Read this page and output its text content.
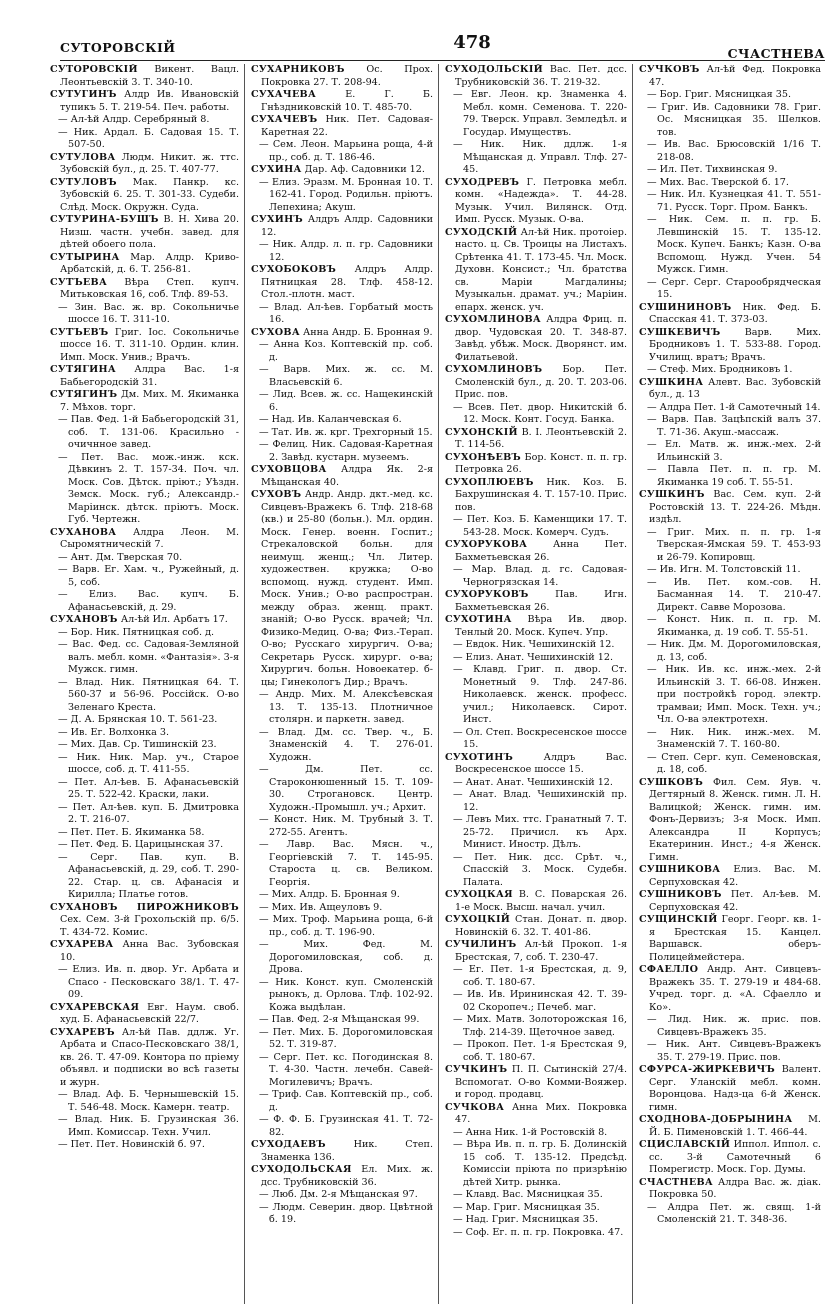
СУТОРОВСКІЙ	478
СЧАСТНЕВА

СУТОРОВСКІЙ Викент. Вацл. Леонтьевскій 3. Т. 340-10.

СУТУГИНЪ Алдр Ив. Ивановскій тупикъ 5. Т. 219-54. Печ. работы.

— Ал-ѣй Алдр. Серебряный 8.

— Ник. Ардал. Б. Садовая 15. Т. 507-50.

СУТУЛОВА Людм. Никит. ж. ттс. Зубовскій бул., д. 25. Т. 407-77.

СУТУЛОВЪ Мак. Панкр. кс. Зубовскій 6. 25. Т. 301-33. Судеби. Слѣд. Моск. Окружн. Суда.

СУТУРИНА-БУШЪ В. Н. Хива 20. Низш. частн. учебн. завед. для дѣтей обоего пола.

СУТЫРИНА Мар. Алдр. Криво-Арбатскій, д. 6. Т. 256-81.

СУТЪЕВА Вѣра Степ. купч. Митьковская 16, соб. Тлф. 89-53.

— Зин. Вас. ж. вр. Сокольничье шоссе 16. Т. 311-10.

СУТЪЕВЪ Григ. Іос. Сокольничье шоссе 16. Т. 311-10. Ордин. клин. Имп. Моск. Унив.; Врачъ.

СУТЯГИНА Алдра Вас. 1-я Бабьегородскій 31.

СУТЯГИНЪ Дм. Мих. М. Якиманка 7. Мѣхов. торг.

— Пав. Фед. 1-й Бабьегородскій 31, соб. Т. 131-06. Красильно - очичнное завед.

— Пет. Вас. мож.-инж. кск. Дѣвкинъ 2. Т. 157-34. Поч. чл. Моск. Сов. Дѣтск. пріют.; Уѣздн. Земск. Моск. губ.; Александр.-Маріинск. дѣтск. пріютъ. Моск. Губ. Чертежн.

СУХАНОВА Алдра Леон. М. Сыромятническій 7.

— Ант. Дм. Тверская 70.

— Варв. Ег. Хам. ч., Ружейный, д. 5, соб.

— Елиз. Вас. купч. Б. Афанасьевскій, д. 29.

СУХАНОВЪ Ал-ѣй Ил. Арбатъ 17.

— Бор. Ник. Пятницкая соб. д.

— Вас. Фед. сс. Садовая-Земляной валъ. мебл. комн. «Фантазія». 3-я Мужск. гимн.

— Влад. Ник. Пятницкая 64. Т. 560-37 и 56-96. Россійск. О-во Зеленаго Креста.

— Д. А. Брянская 10. Т. 561-23.

— Ив. Ег. Волхонка 3.

— Мих. Дав. Ср. Тишинскій 23.

— Ник. Ник. Мар. уч., Старое шоссе, соб. д. Т. 411-55.

— Пет. Ал-ѣев. Б. Афанасьевскій 25. Т. 522-42. Краски, лаки.

— Пет. Ал-ѣев. куп. Б. Дмитровка 2. Т. 216-07.

— Пет. Пет. Б. Якиманка 58.

— Пет. Фед. Б. Царицынская 37.

— Серг. Пав. куп. В. Афанасьевскій, д. 29, соб. Т. 290-22. Стар. ц. св. Афанасія и Кирилла; Платье готов.

СУХАНОВЪ ПИРОЖНИКОВЪ Сех. Сем. 3-й Грохольскій пр. 6/5. Т. 434-72. Комис.

СУХАРЕВА Анна Вас. Зубовская 10.

— Елиз. Ив. п. двор. Уг. Арбата и Спасо - Песковскаго 38/1. Т. 47-09.

СУХАРЕВСКАЯ Евг. Наум. своб. худ. Б. Афанасьевскій 22/7.

СУХАРЕВЪ Ал-ѣй Пав. ддлж. Уг. Арбата и Спасо-Песковскаго 38/1, кв. 26. Т. 47-09. Контора по пріему объявл. и подписки во всѣ газеты и журн.

— Влад. Аф. Б. Чернышевскій 15. Т. 546-48. Моск. Камерн. театр.

— Влад. Ник. Б. Грузинская 36. Имп. Комиссар. Техн. Учил.

— Пет. Пет. Новинскій б. 97.

СУХАРНИКОВЪ Ос. Прох. Покровка 27. Т. 208-94.

СУХАЧЕВА Е. Г. Б. Гнѣздниковскій 10. Т. 485-70.

СУХАЧЕВЪ Ник. Пет. Садовая-Каретная 22.

— Сем. Леон. Марьина роща, 4-й пр., соб. д. Т. 186-46.

СУХИНА Дар. Аф. Садовники 12.

— Елиз. Эразм. М. Бронная 10. Т. 162-41. Город. Родильн. пріютъ. Лепехина; Акуш.

СУХИНЪ Алдръ Алдр. Садовники 12.

— Ник. Алдр. л. п. гр. Садовники 12.

СУХОБОКОВЪ Алдръ Алдр. Пятницкая 28. Тлф. 458-12. Стол.-плотн. маст.

— Влад. Ал-ѣев. Горбатый мость 16.

СУХОВА Анна Андр. Б. Бронная 9.

— Анна Коз. Коптевскій пр. соб. д.

— Варв. Мих. ж. сс. М. Власьевскій 6.

— Лид. Всев. ж. сс. Нащекинскій 6.

— Над. Ив. Каланчевская 6.

— Тат. Ив. ж. крг. Трехгорный 15.

— Фелиц. Ник. Садовая-Каретная 2. Завѣд. кустарн. музеемъ.

СУХОВЦОВА Алдра Як. 2-я Мѣщанская 40.

СУХОВЪ Андр. Андр. дкт.-мед. кс. Сивцевъ-Вражекъ 6. Тлф. 218-68 (кв.) и 25-80 (больн.). Мл. ордин. Моск. Генер. военн. Госпит.; Стрекаловской больн. для неимущ. женщ.; Чл. Литер. художествен. кружка; О-во вспомощ. нужд. студент. Имп. Моск. Унив.; О-во распростран. между образ. женщ. практ. знаній; О-во Русск. врачей; Чл. Физико-Медиц. О-ва; Физ.-Терап. О-во; Русскаго хирургич. О-ва; Секретарь Русск. хирург. о-ва; Хирургич. больн. Новоекатер. б-цы; Гинекологъ Дир.; Врачъ.

— Андр. Мих. М. Алексѣевская 13. Т. 135-13. Плотничное столярн. и паркетн. завед.

— Влад. Дм. сс. Твер. ч., Б. Знаменскій 4. Т. 276-01. Художн.

— Дм. Пет. сс. Староконюшенный 15. Т. 109-30. Строгановск. Центр. Художн.-Промышл. уч.; Архит.

— Конст. Ник. М. Трубный 3. Т. 272-55. Агентъ.

— Лавр. Вас. Мясн. ч., Георгіевскій 7. Т. 145-95. Староста ц. св. Великом. Георгія.

— Мих. Алдр. Б. Бронная 9.

— Мих. Ив. Ащеуловъ 9.

— Мих. Троф. Марьина роща, 6-й пр., соб. д. Т. 196-90.

— Мих. Фед. М. Дорогомиловская, соб. д. Дрова.

— Ник. Конст. куп. Смоленскій рынокъ, д. Орлова. Тлф. 102-92. Кожа выдѣлан.

— Пав. Фед. 2-я Мѣщанская 99.

— Пет. Мих. Б. Дорогомиловская 52. Т. 319-87.

— Серг. Пет. кс. Погодинская 8. Т. 4-30. Частн. лечебн. Савей-Могилевичъ; Врачъ.

— Триф. Сав. Коптевскій пр., соб. д.

— Ф. Ф. Б. Грузинская 41. Т. 72-82.

СУХОДАЕВЪ Ник. Степ. Знаменка 136.

СУХОДОЛЬСКАЯ Ел. Мих. ж. дсс. Трубниковскій 36.

— Люб. Дм. 2-я Мѣщанская 97.

— Людм. Северин. двор. Цвѣтной б. 19.

СУХОДОЛЬСКІЙ Вас. Пет. дсс. Трубниковскій 36. Т. 219-32.

— Евг. Леон. кр. Знаменка 4. Мебл. комн. Семенова. Т. 220-79. Тверск. Управл. Земледѣл. и Государ. Имуществъ.

— Ник. Ник. ддлж. 1-я Мѣщанская д. Управл. Тлф. 27-45.

СУХОДРЕВЪ Г. Петровка мебл. комн. «Надежда». Т. 44-28. Музык. Учил. Вилянск. Отд. Имп. Русск. Музык. О-ва.

СУХОДСКІЙ Ал-ѣй Ник. протоіер. насто. ц. Св. Троицы на Листахъ. Срѣтенка 41. Т. 173-45. Чл. Моск. Духовн. Консист.; Чл. братства св. Маріи Магдалины; Музыкальн. драмат. уч.; Маріин. епарх. женск. уч.

СУХОМЛИНОВА Алдра Фриц. п. двор. Чудовская 20. Т. 348-87. Завѣд. убѣж. Моск. Дворянст. им. Филатьевой.

СУХОМЛИНОВЪ Бор. Пет. Смоленскій бул., д. 20. Т. 203-06. Прис. пов.

— Всев. Пет. двор. Никитскій б. 12. Моск. Конт. Госуд. Банка.

СУХОНСКІЙ В. І. Леонтьевскій 2. Т. 114-56.

СУХОНѢЕВЪ Бор. Конст. п. п. гр. Петровка 26.

СУХОПЛЮЕВЪ Ник. Коз. Б. Бахрушинская 4. Т. 157-10. Прис. пов.

— Пет. Коз. Б. Каменщики 17. Т. 543-28. Моск. Комерч. Судъ.

СУХОРУКОВА Анна Пет. Бахметьевская 26.

— Мар. Влад. д. гс. Садовая-Черногрязская 14.

СУХОРУКОВЪ Пав. Игн. Бахметьевская 26.

СУХОТИНА Вѣра Ив. двор. Тенлый 20. Моск. Купеч. Упр.

— Евдок. Ник. Чешихинскій 12.

— Елиз. Анат. Чешихинскій 12.

— Клавд. Григ. п. двор. Ст. Монетный 9. Тлф. 247-86. Николаевск. женск. професс. учил.; Николаевск. Сирот. Инст.

— Ол. Степ. Воскресенское шоссе 15.

СУХОТИНЪ Алдръ Вас. Воскресенское шоссе 15.

— Анат. Анат. Чешихинскій 12.

— Анат. Влад. Чешихинскій пр. 12.

— Левъ Мих. ттс. Гранатный 7. Т. 25-72. Причисл. къ Арх. Минист. Иностр. Дѣлъ.

— Пет. Ник. дсс. Срѣт. ч., Спасскій 3. Моск. Судебн. Палата.

СУХОЦКАЯ В. С. Поварская 26. 1-е Моск. Высш. начал. учил.

СУХОЦКІЙ Стан. Донат. п. двор. Новинскій 6. 32. Т. 401-86.

СУЧИЛИНЪ Ал-ѣй Прокоп. 1-я Брестская, 7, соб. Т. 230-47.

— Ег. Пет. 1-я Брестская, д. 9, соб. Т. 180-67.

— Ив. Ив. Ирининская 42. Т. 39-02 Скоропеч.; Печеб. маг.

— Мих. Матв. Золоторожская 16, Тлф. 214-39. Щеточное завед.

— Прокоп. Пет. 1-я Брестская 9, соб. Т. 180-67.

СУЧКИНЪ П. П. Сытинскій 27/4. Вспомогат. О-во Комми-Вояжер. и город. продавц.

СУЧКОВА Анна Мих. Покровка 47.

— Анна Ник. 1-й Ростовскій 8.

— Вѣра Ив. п. п. гр. Б. Долинскій 15 соб. Т. 135-12. Предсѣд. Комиссіи пріюта по призрѣнію дѣтей Хитр. рынка.

— Клавд. Вас. Мясницкая 35.

— Мар. Григ. Мясницкая 35.

— Над. Григ. Мясницкая 35.

— Соф. Ег. п. п. гр. Покровка. 47.

СУЧКОВЪ Ал-ѣй Фед. Покровка 47.

— Бор. Григ. Мясницкая 35.

— Григ. Ив. Садовники 78. Григ. Ос. Мясницкая 35. Шелков. тов.

— Ив. Вас. Брюсовскій 1/16 Т. 218-08.

— Ил. Пет. Тихвинская 9.

— Мих. Вас. Тверской б. 17.

— Ник. Ил. Кузнецкая 41. Т. 551-71. Русск. Торг. Пром. Банкъ.

— Ник. Сем. п. п. гр. Б. Левшинскій 15. Т. 135-12. Моск. Купеч. Банкъ; Казн. О-ва Вспомощ. Нужд. Учен. 54 Мужск. Гимн.

— Серг. Серг. Старообрядческая 15.

СУШИНИНОВЪ Ник. Фед. Б. Спасская 41. Т. 373-03.

СУШКЕВИЧЪ Варв. Мих. Бродниковъ 1. Т. 533-88. Город. Училищ. вратъ; Врачъ.

— Стеф. Мих. Бродниковъ 1.

СУШКИНА Алевт. Вас. Зубовскій бул., д. 13

— Алдра Пет. 1-й Самотечный 14.

— Варв. Пав. Зацѣпскій валъ 37. Т. 71-36. Акуш.-массаж.

— Ел. Матв. ж. инж.-мех. 2-й Ильинскій 3.

— Павла Пет. п. п. гр. М. Якиманка 19 соб. Т. 55-51.

СУШКИНЪ Вас. Сем. куп. 2-й Ростовскій 13. Т. 224-26. Мѣдн. издѣл.

— Григ. Мих. п. п. гр. 1-я Тверская-Ямская 59. Т. 453-93 и 26-79. Копировщ.

— Ив. Игн. М. Толстовскій 11.

— Ив. Пет. ком.-сов. Н. Басманная 14. Т. 210-47. Директ. Савве Морозова.

— Конст. Ник. п. п. гр. М. Якиманка, д. 19 соб. Т. 55-51.

— Ник. Дм. М. Дорогомиловская, д. 13, соб.

— Ник. Ив. кс. инж.-мех. 2-й Ильинскій 3. Т. 66-08. Инжен. при постройкѣ город. электр. трамваи; Имп. Моск. Техн. уч.; Чл. О-ва электротехн.

— Ник. Ник. инж.-мех. М. Знаменскій 7. Т. 160-80.

— Степ. Серг. куп. Семеновская, д. 18, соб.

СУШКОВЪ Фил. Сем. Яув. ч. Дегтярный 8. Женск. гимн. Л. Н. Валицкой; Женск. гимн. им. Фонъ-Дервизъ; 3-я Моск. Имп. Александра II Корпусъ; Екатеринин. Инст.; 4-я Женск. Гимн.

СУШНИКОВА Елиз. Вас. М. Серпуховская 42.

СУШНИКОВЪ Пет. Ал-ѣев. М. Серпуховская 42.

СУЩИНСКІЙ Георг. Георг. кв. 1-я Брестская 15. Канцел. Варшавск. оберъ-Полицеймейстера.

СФАЕЛЛО Андр. Ант. Сивцевъ-Вражекъ 35. Т. 279-19 и 484-68. Учред. торг. д. «А. Сфаелло и Ко».

— Лид. Ник. ж. прис. пов. Сивцевъ-Вражекъ 35.

— Ник. Ант. Сивцевъ-Вражекъ 35. Т. 279-19. Прис. пов.

СФУРСА-ЖИРКЕВИЧЪ Валент. Серг. Уланскій мебл. комн. Воронцова. Надз-ца 6-й Женск. гимн.

СХОДНОВА-ДОБРЫНИНА М. Й. Б. Пименовскій 1. Т. 466-44.

СЦИСЛАВСКІЙ Иппол. Иппол. с. сс. 3-й Самотечный 6 Помрегистр. Моск. Гор. Думы.

СЧАСТНЕВА Алдра Вас. ж. діак. Покровка 50.

— Алдра Пет. ж. свящ. 1-й Смоленскій 21. Т. 348-36.
